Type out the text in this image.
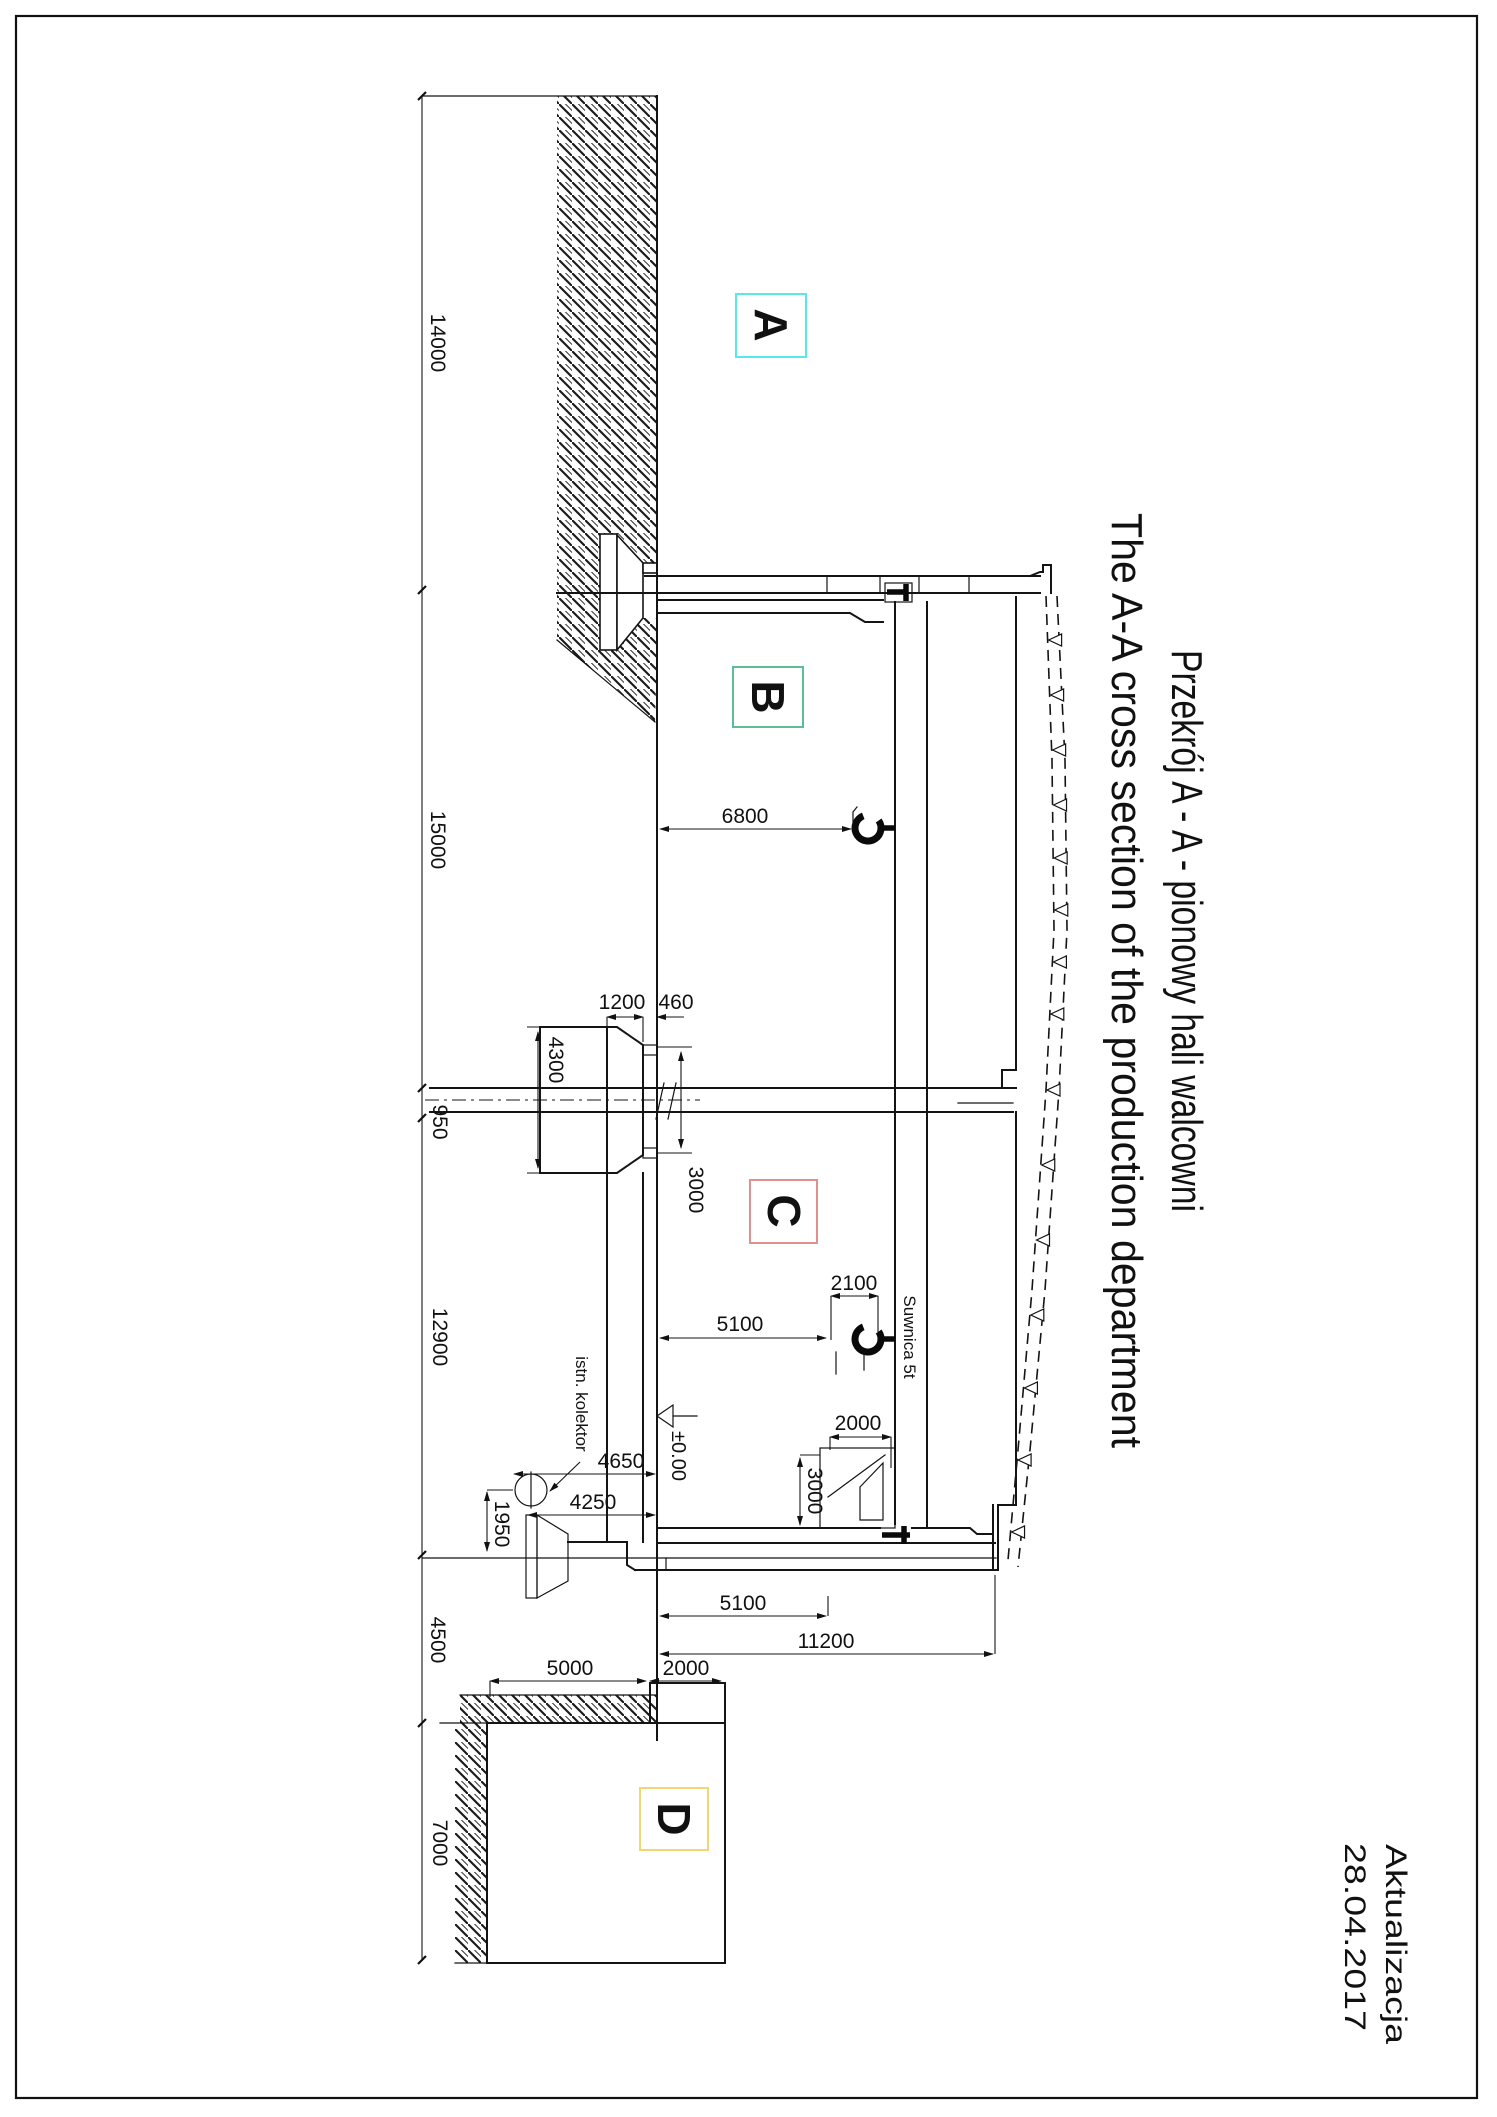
A
B
C
D
14000
15000
950
12900
4500
7000
6800
1200 460
4300
3000
2100
5100
2000
3000
4650
4250
1950
5100
11200
5000	2000
Suwnica 5t
istn. kolektor
±0.00
Przekrój A - A - pionowy hali walcowni
The A-A cross section of the production department
Aktualizacja
28.04.2017
